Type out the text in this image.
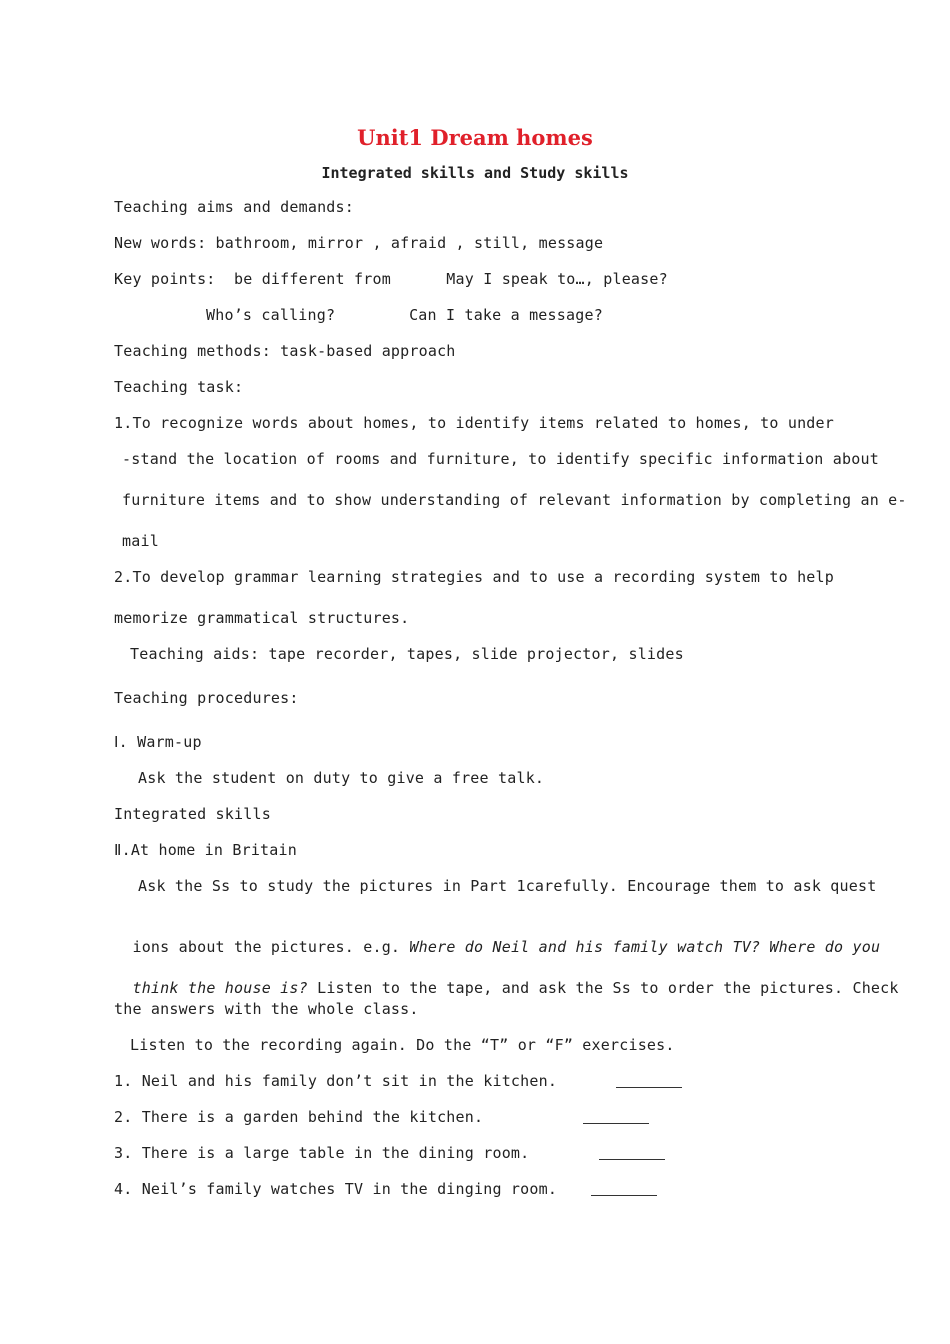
Unit1 Dream homes
Integrated skills and Study skills
Teaching aims and demands:
New words: bathroom, mirror , afraid , still, message
Key points:  be different from      May I speak to…, please?
Who’s calling?        Can I take a message?
Teaching methods: task-based approach
Teaching task:
1.To recognize words about homes, to identify items related to homes, to under
-stand the location of rooms and furniture, to identify specific information about
furniture items and to show understanding of relevant information by completing an e-
mail
2.To develop grammar learning strategies and to use a recording system to help
memorize grammatical structures.
Teaching aids: tape recorder, tapes, slide projector, slides
Teaching procedures:
Ⅰ. Warm-up
Ask the student on duty to give a free talk.
Integrated skills
Ⅱ.At home in Britain
Ask the Ss to study the pictures in Part 1carefully. Encourage them to ask quest

ions about the pictures. e.g. Where do Neil and his family watch TV? Where do you

think the house is? Listen to the tape, and ask the Ss to order the pictures. Check

the answers with the whole class.
Listen to the recording again. Do the “T” or “F” exercises.
1. Neil and his family don’t sit in the kitchen.
2. There is a garden behind the kitchen.
3. There is a large table in the dining room.
4. Neil’s family watches TV in the dinging room.
